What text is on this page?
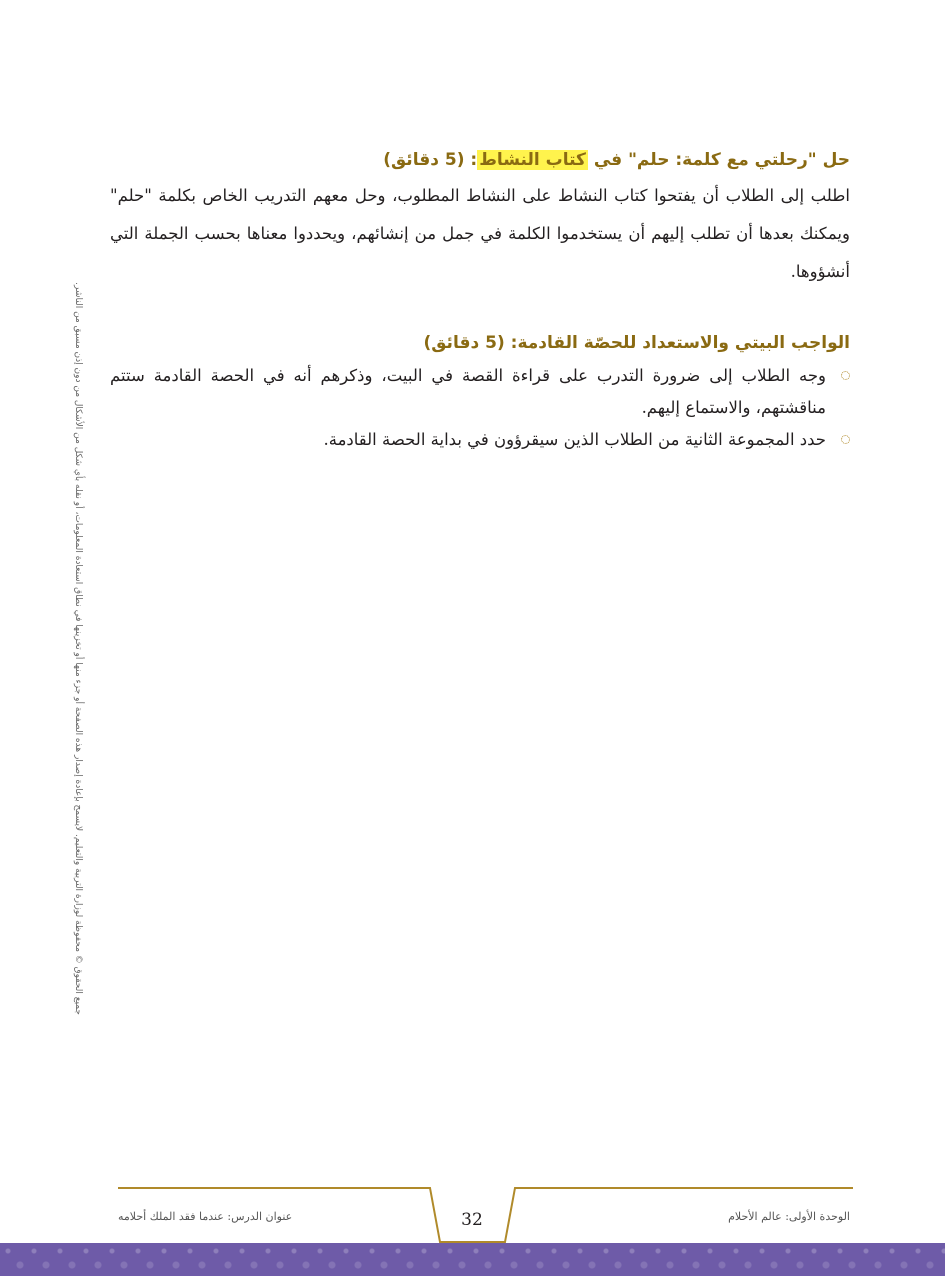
حل "رحلتي مع كلمة: حلم" في كتاب النشاط: (5 دقائق)
اطلب إلى الطلاب أن يفتحوا كتاب النشاط على النشاط المطلوب، وحل معهم التدريب الخاص بكلمة "حلم" ويمكنك بعدها أن تطلب إليهم أن يستخدموا الكلمة في جمل من إنشائهم، ويحددوا معناها بحسب الجملة التي أنشؤوها.
الواجب البيتي والاستعداد للحصّة القادمة: (5 دقائق)
وجه الطلاب إلى ضرورة التدرب على قراءة القصة في البيت، وذكرهم أنه في الحصة القادمة ستتم مناقشتهم، والاستماع إليهم.
حدد المجموعة الثانية من الطلاب الذين سيقرؤون في بداية الحصة القادمة.
جميع الحقوق © محفوظة لوزارة التربية والتعليم. لايسمح بإعادة إصدار هذه الصفحة أو جزء منها أو تخزينها في نطاق استعادة المعلومات، أو نقله بأي شكل من الأشكال من دون إذن مسبق من الناشر.
الوحدة الأولى: عالم الأحلام
عنوان الدرس: عندما فقد الملك أحلامه	32
